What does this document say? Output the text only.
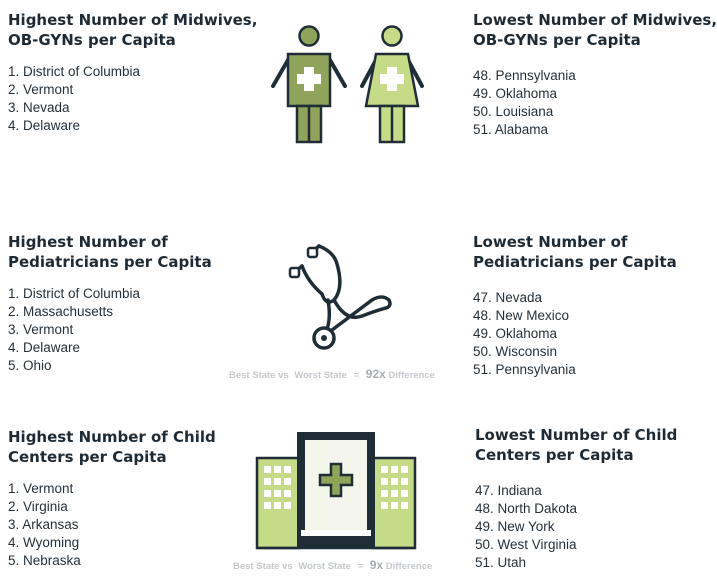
Highest Number of Midwives,
OB-GYNs per Capita
1. District of Columbia
2. Vermont
3. Nevada
4. Delaware
Lowest Number of Midwives,
OB-GYNs per Capita
48. Pennsylvania
49. Oklahoma
50. Louisiana
51. Alabama
Highest Number of
Pediatricians per Capita
1. District of Columbia
2. Massachusetts
3. Vermont
4. Delaware
5. Ohio
Best State vs Worst State = 92x Difference
Lowest Number of
Pediatricians per Capita
47. Nevada
48. New Mexico
49. Oklahoma
50. Wisconsin
51. Pennsylvania
Highest Number of Child
Centers per Capita
1. Vermont
2. Virginia
3. Arkansas
4. Wyoming
5. Nebraska	Best State vs Worst State = 9x Difference
Lowest Number of Child
Centers per Capita
47. Indiana
48. North Dakota
49. New York
50. West Virginia
51. Utah
